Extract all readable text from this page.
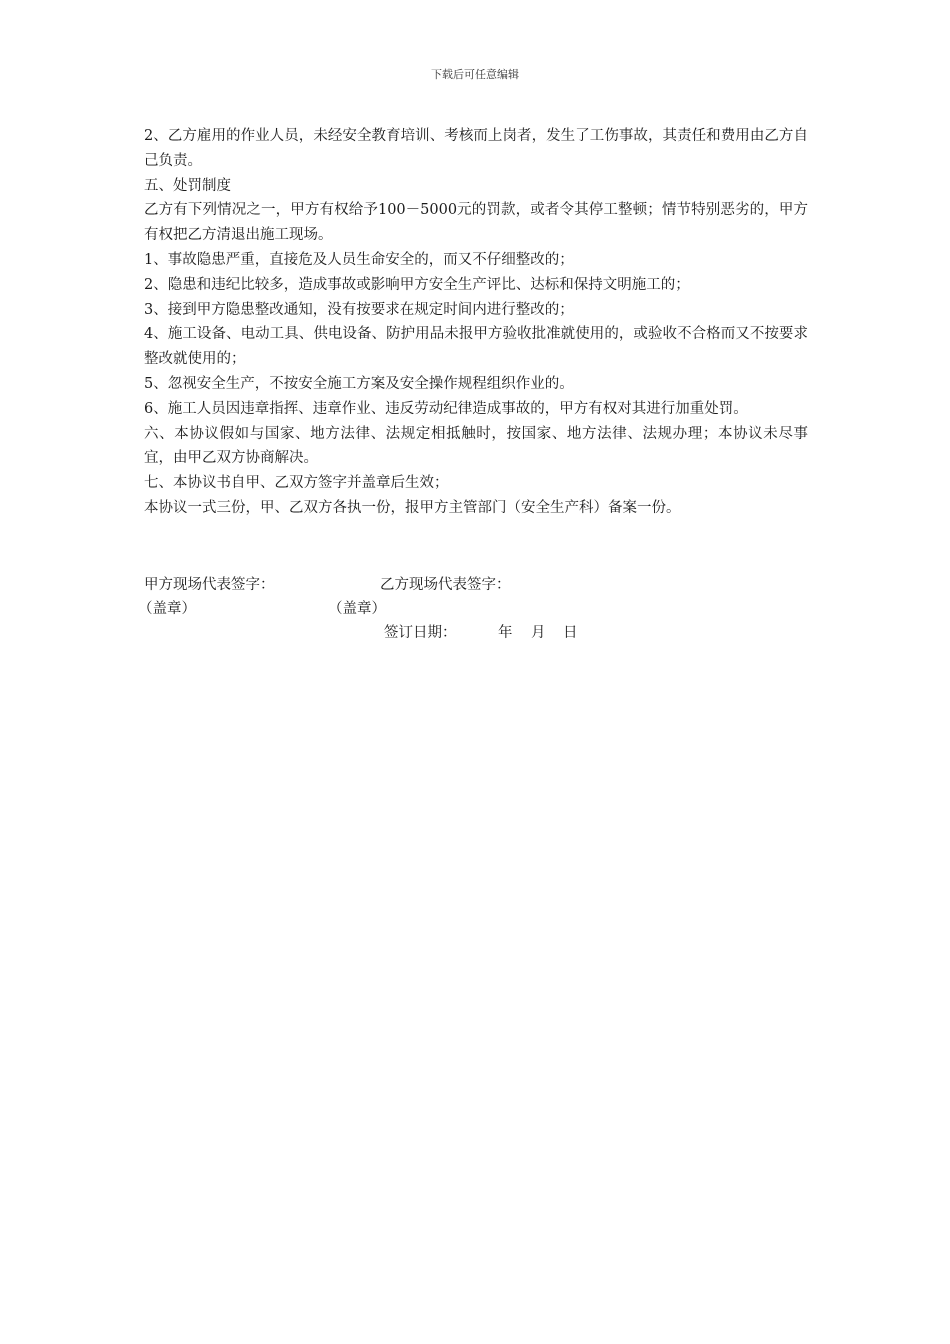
下载后可任意编辑

2、乙方雇用的作业人员，未经安全教育培训、考核而上岗者，发生了工伤事故，其责任和费用由乙方自己负责。

五、处罚制度

乙方有下列情况之一，甲方有权给予100－5000元的罚款，或者令其停工整顿；情节特别恶劣的，甲方有权把乙方清退出施工现场。

1、事故隐患严重，直接危及人员生命安全的，而又不仔细整改的；

2、隐患和违纪比较多，造成事故或影响甲方安全生产评比、达标和保持文明施工的；

3、接到甲方隐患整改通知，没有按要求在规定时间内进行整改的；

4、施工设备、电动工具、供电设备、防护用品未报甲方验收批准就使用的，或验收不合格而又不按要求整改就使用的；

5、忽视安全生产，不按安全施工方案及安全操作规程组织作业的。

6、施工人员因违章指挥、违章作业、违反劳动纪律造成事故的，甲方有权对其进行加重处罚。

六、本协议假如与国家、地方法律、法规定相抵触时，按国家、地方法律、法规办理；本协议未尽事宜，由甲乙双方协商解决。

七、本协议书自甲、乙双方签字并盖章后生效；

本协议一式三份，甲、乙双方各执一份，报甲方主管部门（安全生产科）备案一份。

甲方现场代表签字：	乙方现场代表签字：
（盖章）	（盖章）
签订日期：	年 月 日
